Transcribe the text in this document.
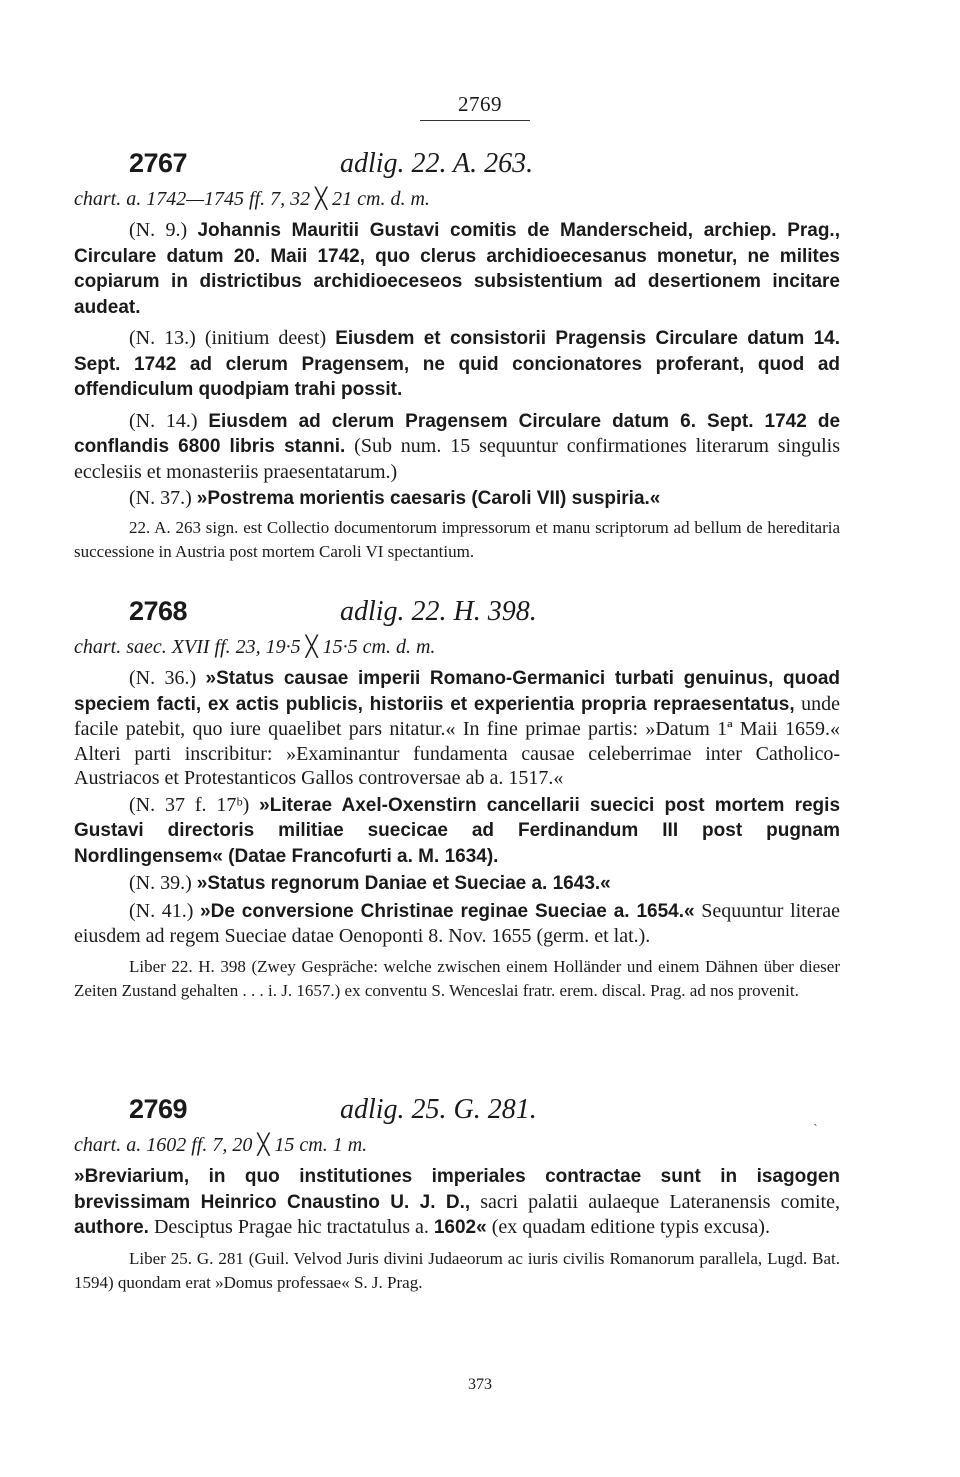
2769
2767	adlig. 22. A. 263.
chart. a. 1742—1745 ff. 7, 32 ╳ 21 cm. d. m.

(N. 9.) Johannis Mauritii Gustavi comitis de Manderscheid, archiep. Prag., Circulare datum 20. Maii 1742, quo clerus archidioecesanus monetur, ne milites copiarum in districtibus archidioeceseos subsistentium ad desertionem incitare audeat.

(N. 13.) (initium deest) Eiusdem et consistorii Pragensis Circulare datum 14. Sept. 1742 ad clerum Pragensem, ne quid concionatores proferant, quod ad offendiculum quodpiam trahi possit.

(N. 14.) Eiusdem ad clerum Pragensem Circulare datum 6. Sept. 1742 de conflandis 6800 libris stanni. (Sub num. 15 sequuntur confirmationes literarum singulis ecclesiis et monasteriis praesentatarum.)

(N. 37.) »Postrema morientis caesaris (Caroli VII) suspiria.«

22. A. 263 sign. est Collectio documentorum impressorum et manu scriptorum ad bellum de hereditaria successione in Austria post mortem Caroli VI spectantium.

2768	adlig. 22. H. 398.
chart. saec. XVII ff. 23, 19·5 ╳ 15·5 cm. d. m.

(N. 36.) »Status causae imperii Romano-Germanici turbati genuinus, quoad speciem facti, ex actis publicis, historiis et experientia propria repraesentatus, unde facile patebit, quo iure quaelibet pars nitatur.« In fine primae partis: »Datum 1ª Maii 1659.« Alteri parti inscribitur: »Examinantur fundamenta causae celeberrimae inter Catholico-Austriacos et Protestanticos Gallos controversae ab a. 1517.«

(N. 37 f. 17ᵇ) »Literae Axel-Oxenstirn cancellarii suecici post mortem regis Gustavi directoris militiae suecicae ad Ferdinandum III post pugnam Nordlingensem« (Datae Francofurti a. M. 1634).

(N. 39.) »Status regnorum Daniae et Sueciae a. 1643.«

(N. 41.) »De conversione Christinae reginae Sueciae a. 1654.« Sequuntur literae eiusdem ad regem Sueciae datae Oenoponti 8. Nov. 1655 (germ. et lat.).

Liber 22. H. 398 (Zwey Gespräche: welche zwischen einem Holländer und einem Dähnen über dieser Zeiten Zustand gehalten . . . i. J. 1657.) ex conventu S. Wenceslai fratr. erem. discal. Prag. ad nos provenit.

2769	adlig. 25. G. 281.
chart. a. 1602 ff. 7, 20 ╳ 15 cm. 1 m.

»Breviarium, in quo institutiones imperiales contractae sunt in isagogen brevissimam Heinrico Cnaustino U. J. D., sacri palatii aulaeque Lateranensis comite, authore. Desciptus Pragae hic tractatulus a. 1602« (ex quadam editione typis excusa).

Liber 25. G. 281 (Guil. Velvod Juris divini Judaeorum ac iuris civilis Romanorum parallela, Lugd. Bat. 1594) quondam erat »Domus professae« S. J. Prag.

ˏ
373
